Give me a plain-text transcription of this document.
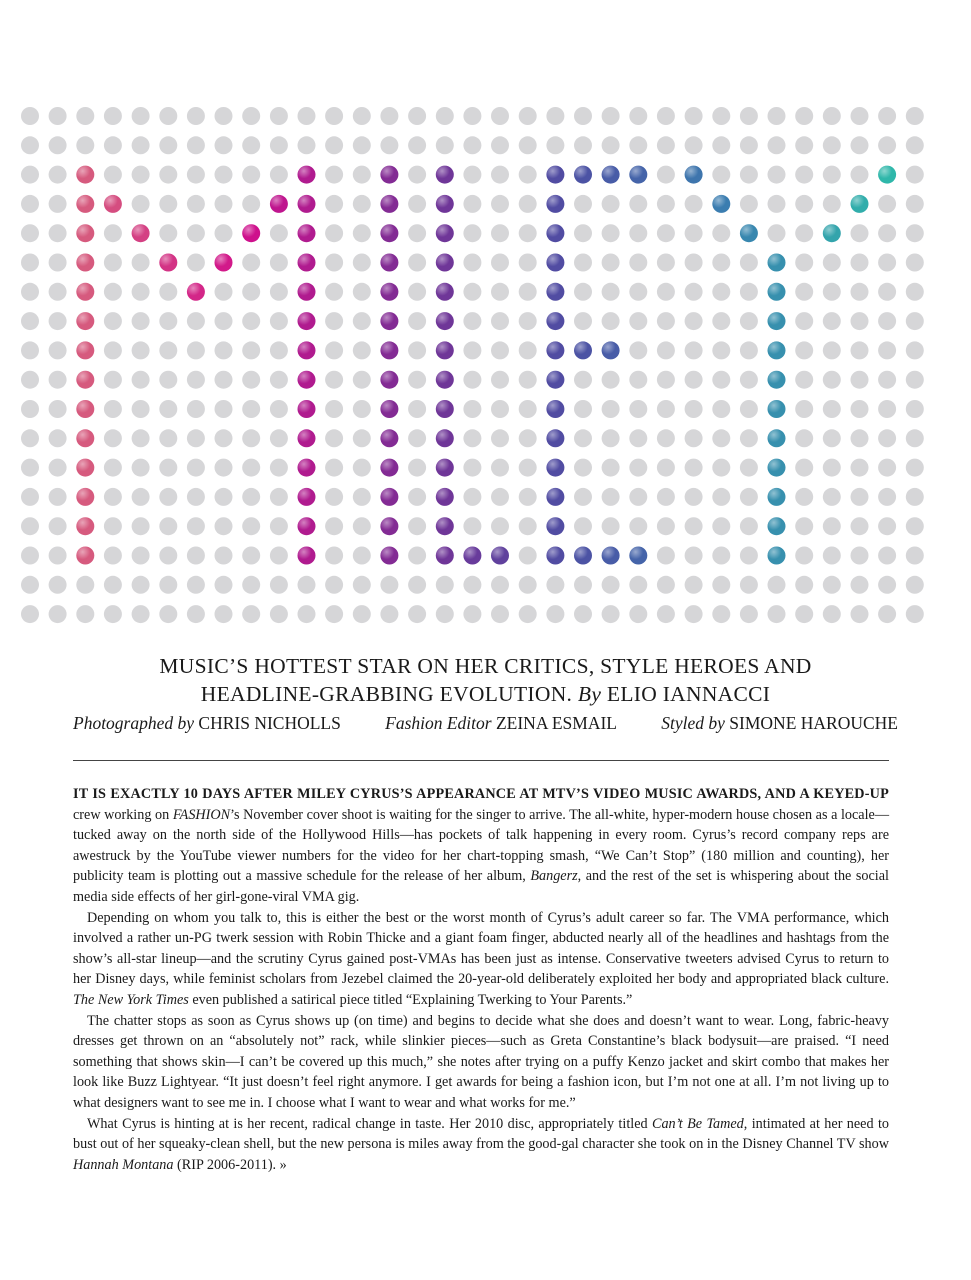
MUSIC’S HOTTEST STAR ON HER CRITICS, STYLE HEROES AND
HEADLINE-GRABBING EVOLUTION. By ELIO IANNACCI
Photographed by CHRIS NICHOLLS	Fashion Editor ZEINA ESMAIL	Styled by SIMONE HAROUCHE

IT IS EXACTLY 10 DAYS AFTER MILEY CYRUS’S APPEARANCE AT MTV’S VIDEO MUSIC AWARDS, AND A KEYED-UP crew working on FASHION’s November cover shoot is waiting for the singer to arrive. The all-white, hyper-modern house chosen as a locale—tucked away on the north side of the Hollywood Hills—has pockets of talk happening in every room. Cyrus’s record company reps are awestruck by the YouTube viewer numbers for the video for her chart-topping smash, “We Can’t Stop” (180 million and counting), her publicity team is plotting out a massive schedule for the release of her album, Bangerz, and the rest of the set is whispering about the social media side effects of her girl-gone-viral VMA gig.

Depending on whom you talk to, this is either the best or the worst month of Cyrus’s adult career so far. The VMA performance, which involved a rather un-PG twerk session with Robin Thicke and a giant foam finger, abducted nearly all of the headlines and hashtags from the show’s all-star lineup—and the scrutiny Cyrus gained post-VMAs has been just as intense. Conservative tweeters advised Cyrus to return to her Disney days, while feminist scholars from Jezebel claimed the 20-year-old deliberately exploited her body and appropriated black culture. The New York Times even published a satirical piece titled “Explaining Twerking to Your Parents.”

The chatter stops as soon as Cyrus shows up (on time) and begins to decide what she does and doesn’t want to wear. Long, fabric-heavy dresses get thrown on an “absolutely not” rack, while slinkier pieces—such as Greta Constantine’s black bodysuit—are praised. “I need something that shows skin—I can’t be covered up this much,” she notes after trying on a puffy Kenzo jacket and skirt combo that makes her look like Buzz Lightyear. “It just doesn’t feel right anymore. I get awards for being a fashion icon, but I’m not one at all. I’m not living up to what designers want to see me in. I choose what I want to wear and what works for me.”

What Cyrus is hinting at is her recent, radical change in taste. Her 2010 disc, appropriately titled Can’t Be Tamed, intimated at her need to bust out of her squeaky-clean shell, but the new persona is miles away from the good-gal character she took on in the Disney Channel TV show Hannah Montana (RIP 2006-2011). »
